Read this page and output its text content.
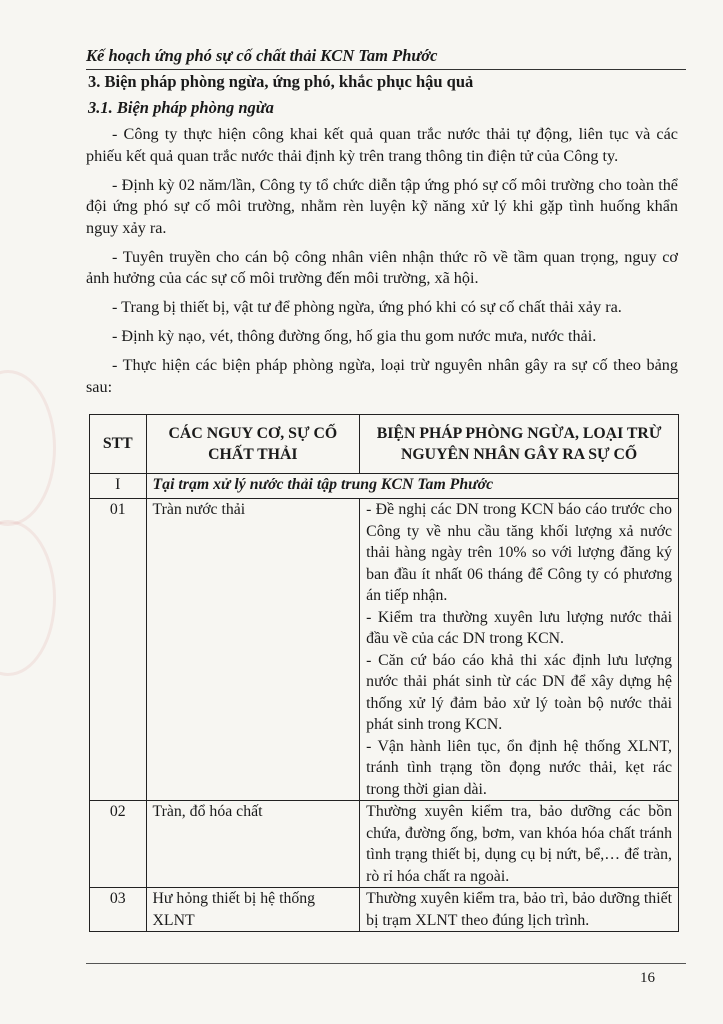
Kế hoạch ứng phó sự cố chất thải KCN Tam Phước
3. Biện pháp phòng ngừa, ứng phó, khắc phục hậu quả
3.1. Biện pháp phòng ngừa

- Công ty thực hiện công khai kết quả quan trắc nước thải tự động, liên tục và các phiếu kết quả quan trắc nước thải định kỳ trên trang thông tin điện tử của Công ty.

- Định kỳ 02 năm/lần, Công ty tổ chức diễn tập ứng phó sự cố môi trường cho toàn thể đội ứng phó sự cố môi trường, nhằm rèn luyện kỹ năng xử lý khi gặp tình huống khẩn nguy xảy ra.

- Tuyên truyền cho cán bộ công nhân viên nhận thức rõ về tầm quan trọng, nguy cơ ảnh hưởng của các sự cố môi trường đến môi trường, xã hội.

- Trang bị thiết bị, vật tư để phòng ngừa, ứng phó khi có sự cố chất thải xảy ra.

- Định kỳ nạo, vét, thông đường ống, hố gia thu gom nước mưa, nước thải.

- Thực hiện các biện pháp phòng ngừa, loại trừ nguyên nhân gây ra sự cố theo bảng sau:

STT	CÁC NGUY CƠ, SỰ CỐ CHẤT THẢI	BIỆN PHÁP PHÒNG NGỪA, LOẠI TRỪ NGUYÊN NHÂN GÂY RA SỰ CỐ
I	Tại trạm xử lý nước thải tập trung KCN Tam Phước	
01	Tràn nước thải	- Đề nghị các DN trong KCN báo cáo trước cho Công ty về nhu cầu tăng khối lượng xả nước thải hàng ngày trên 10% so với lượng đăng ký ban đầu ít nhất 06 tháng để Công ty có phương án tiếp nhận.
- Kiểm tra thường xuyên lưu lượng nước thải đầu về của các DN trong KCN.
- Căn cứ báo cáo khả thi xác định lưu lượng nước thải phát sinh từ các DN để xây dựng hệ thống xử lý đảm bảo xử lý toàn bộ nước thải phát sinh trong KCN.
- Vận hành liên tục, ổn định hệ thống XLNT, tránh tình trạng tồn đọng nước thải, kẹt rác trong thời gian dài.

02	Tràn, đổ hóa chất	Thường xuyên kiểm tra, bảo dưỡng các bồn chứa, đường ống, bơm, van khóa hóa chất tránh tình trạng thiết bị, dụng cụ bị nứt, bể,… để tràn, rò rỉ hóa chất ra ngoài.

03	Hư hỏng thiết bị hệ thống XLNT	Thường xuyên kiểm tra, bảo trì, bảo dưỡng thiết bị trạm XLNT theo đúng lịch trình.
16
